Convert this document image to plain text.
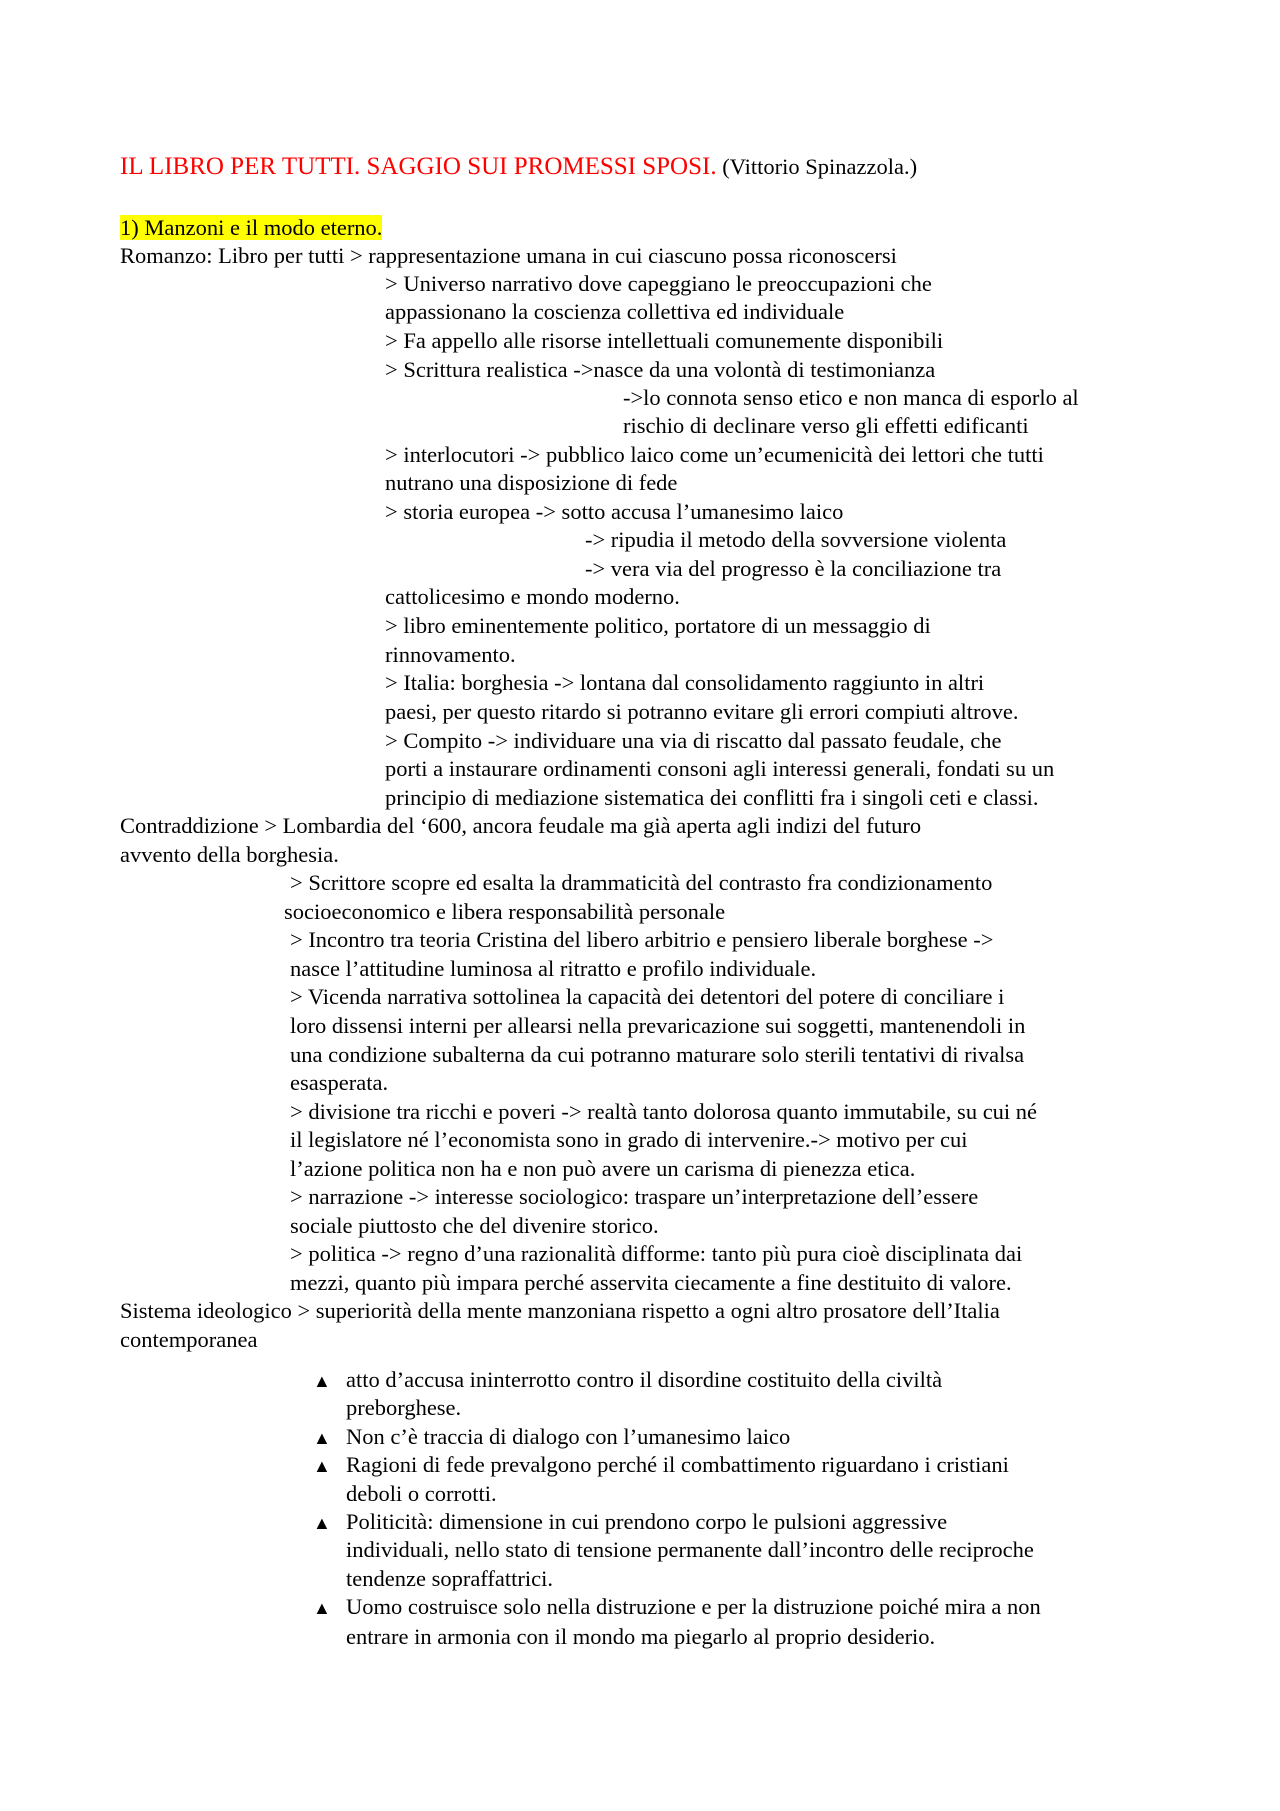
IL LIBRO PER TUTTI. SAGGIO SUI PROMESSI SPOSI. (Vittorio Spinazzola.)
1) Manzoni e il modo eterno.
Romanzo: Libro per tutti > rappresentazione umana in cui ciascuno possa riconoscersi
> Universo narrativo dove capeggiano le preoccupazioni che
appassionano la coscienza collettiva ed individuale
> Fa appello alle risorse intellettuali comunemente disponibili
> Scrittura realistica ->nasce da una volontà di testimonianza
->lo connota senso etico e non manca di esporlo al
rischio di declinare verso gli effetti edificanti
> interlocutori -> pubblico laico come un’ecumenicità dei lettori che tutti
nutrano una disposizione di fede
> storia europea -> sotto accusa l’umanesimo laico
-> ripudia il metodo della sovversione violenta
-> vera via del progresso è la conciliazione tra
cattolicesimo e mondo moderno.
> libro eminentemente politico, portatore di un messaggio di
rinnovamento.
> Italia: borghesia -> lontana dal consolidamento raggiunto in altri
paesi, per questo ritardo si potranno evitare gli errori compiuti altrove.
> Compito -> individuare una via di riscatto dal passato feudale, che
porti a instaurare ordinamenti consoni agli interessi generali, fondati su un
principio di mediazione sistematica dei conflitti fra i singoli ceti e classi.
Contraddizione > Lombardia del ‘600, ancora feudale ma già aperta agli indizi del futuro
avvento della borghesia.
> Scrittore scopre ed esalta la drammaticità del contrasto fra condizionamento
socioeconomico e libera responsabilità personale
> Incontro tra teoria Cristina del libero arbitrio e pensiero liberale borghese ->
nasce l’attitudine luminosa al ritratto e profilo individuale.
> Vicenda narrativa sottolinea la capacità dei detentori del potere di conciliare i
loro dissensi interni per allearsi nella prevaricazione sui soggetti, mantenendoli in
una condizione subalterna da cui potranno maturare solo sterili tentativi di rivalsa
esasperata.
> divisione tra ricchi e poveri -> realtà tanto dolorosa quanto immutabile, su cui né
il legislatore né l’economista sono in grado di intervenire.-> motivo per cui
l’azione politica non ha e non può avere un carisma di pienezza etica.
> narrazione -> interesse sociologico: traspare un’interpretazione dell’essere
sociale piuttosto che del divenire storico.
> politica -> regno d’una razionalità difforme: tanto più pura cioè disciplinata dai
mezzi, quanto più impara perché asservita ciecamente a fine destituito di valore.
Sistema ideologico > superiorità della mente manzoniana rispetto a ogni altro prosatore dell’Italia
contemporanea
▲ atto d’accusa ininterrotto contro il disordine costituito della civiltà
preborghese.
▲ Non c’è traccia di dialogo con l’umanesimo laico
▲ Ragioni di fede prevalgono perché il combattimento riguardano i cristiani
deboli o corrotti.
▲ Politicità: dimensione in cui prendono corpo le pulsioni aggressive
individuali, nello stato di tensione permanente dall’incontro delle reciproche
tendenze sopraffattrici.
▲ Uomo costruisce solo nella distruzione e per la distruzione poiché mira a non
entrare in armonia con il mondo ma piegarlo al proprio desiderio.
